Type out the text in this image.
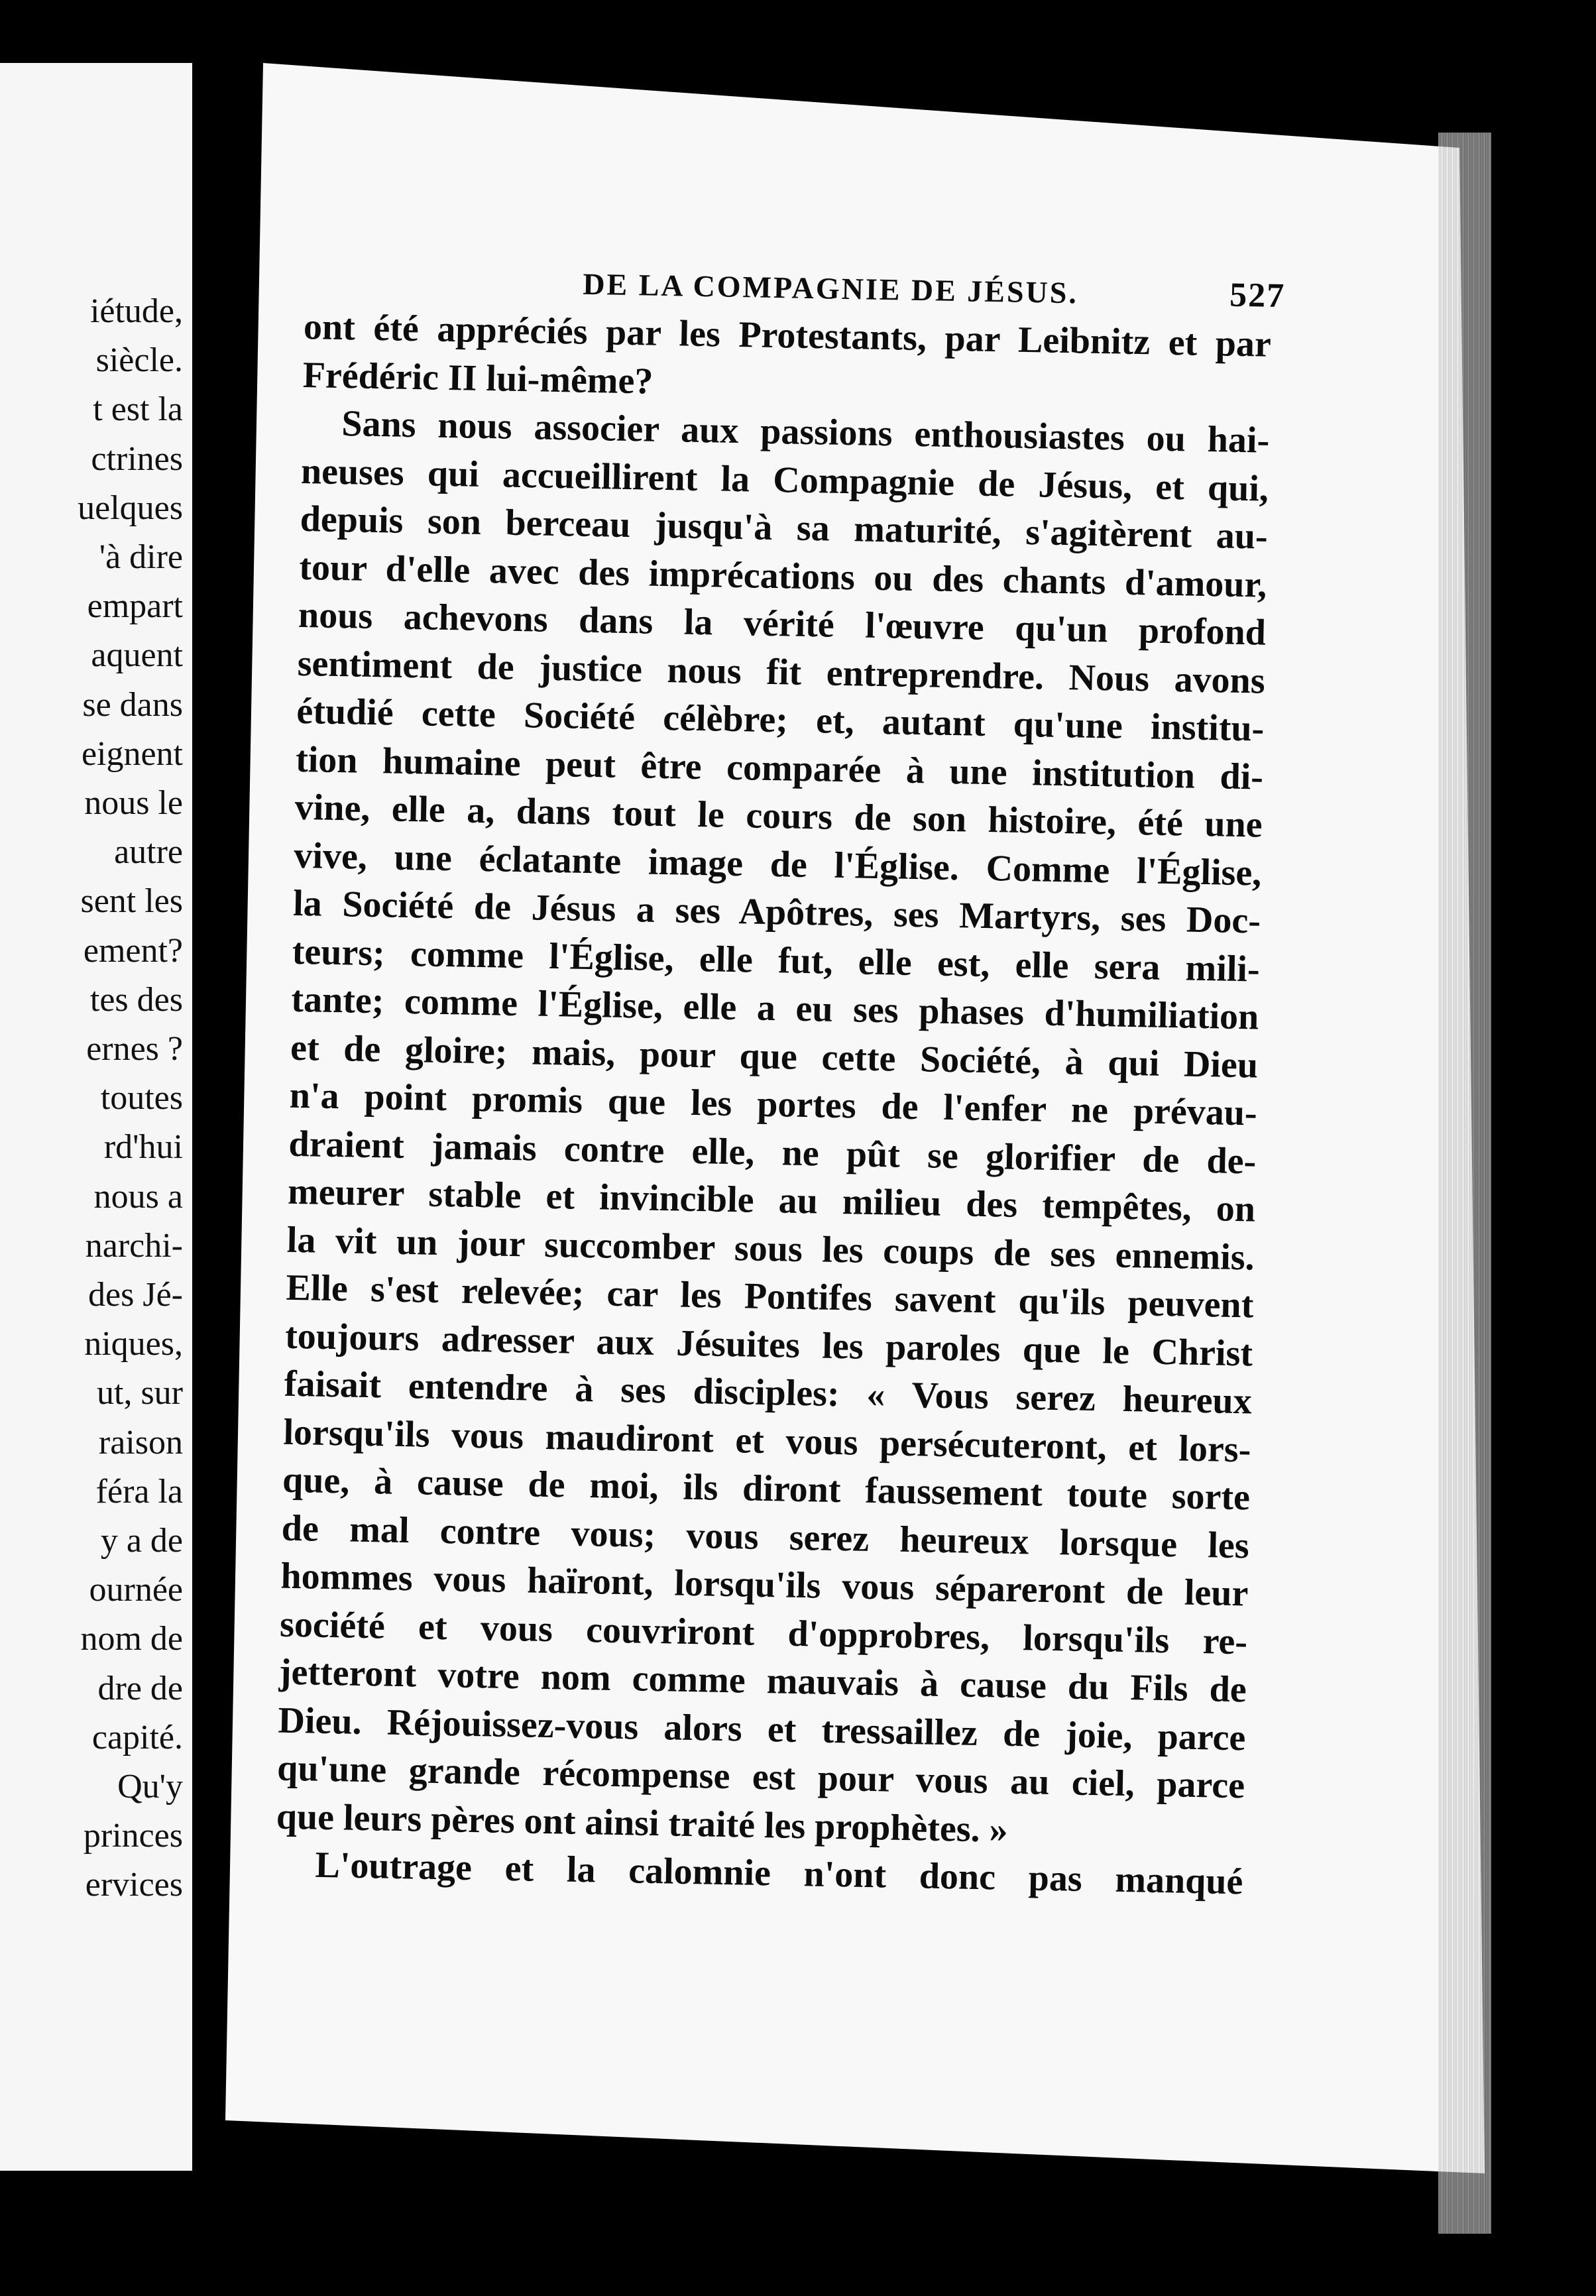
iétude,
siècle.
t est la
ctrines
uelques
'à dire
empart
aquent
se dans
eignent
nous le
autre
sent les
ement?
tes des
ernes ?
toutes
rd'hui
nous a
narchi-
des Jé-
niques,
ut, sur
raison
féra la
y a de
ournée
nom de
dre de
capité.
Qu'y
princes
ervices
DE LA COMPAGNIE DE JÉSUS.	527
ont été appréciés par les Protestants, par Leibnitz et par
Frédéric II lui-même?
Sans nous associer aux passions enthousiastes ou hai-
neuses qui accueillirent la Compagnie de Jésus, et qui,
depuis son berceau jusqu'à sa maturité, s'agitèrent au-
tour d'elle avec des imprécations ou des chants d'amour,
nous achevons dans la vérité l'œuvre qu'un profond
sentiment de justice nous fit entreprendre. Nous avons
étudié cette Société célèbre; et, autant qu'une institu-
tion humaine peut être comparée à une institution di-
vine, elle a, dans tout le cours de son histoire, été une
vive, une éclatante image de l'Église. Comme l'Église,
la Société de Jésus a ses Apôtres, ses Martyrs, ses Doc-
teurs; comme l'Église, elle fut, elle est, elle sera mili-
tante; comme l'Église, elle a eu ses phases d'humiliation
et de gloire; mais, pour que cette Société, à qui Dieu
n'a point promis que les portes de l'enfer ne prévau-
draient jamais contre elle, ne pût se glorifier de de-
meurer stable et invincible au milieu des tempêtes, on
la vit un jour succomber sous les coups de ses ennemis.
Elle s'est relevée; car les Pontifes savent qu'ils peuvent
toujours adresser aux Jésuites les paroles que le Christ
faisait entendre à ses disciples: « Vous serez heureux
lorsqu'ils vous maudiront et vous persécuteront, et lors-
que, à cause de moi, ils diront faussement toute sorte
de mal contre vous; vous serez heureux lorsque les
hommes vous haïront, lorsqu'ils vous sépareront de leur
société et vous couvriront d'opprobres, lorsqu'ils re-
jetteront votre nom comme mauvais à cause du Fils de
Dieu. Réjouissez-vous alors et tressaillez de joie, parce
qu'une grande récompense est pour vous au ciel, parce
que leurs pères ont ainsi traité les prophètes. »
L'outrage et la calomnie n'ont donc pas manqué
